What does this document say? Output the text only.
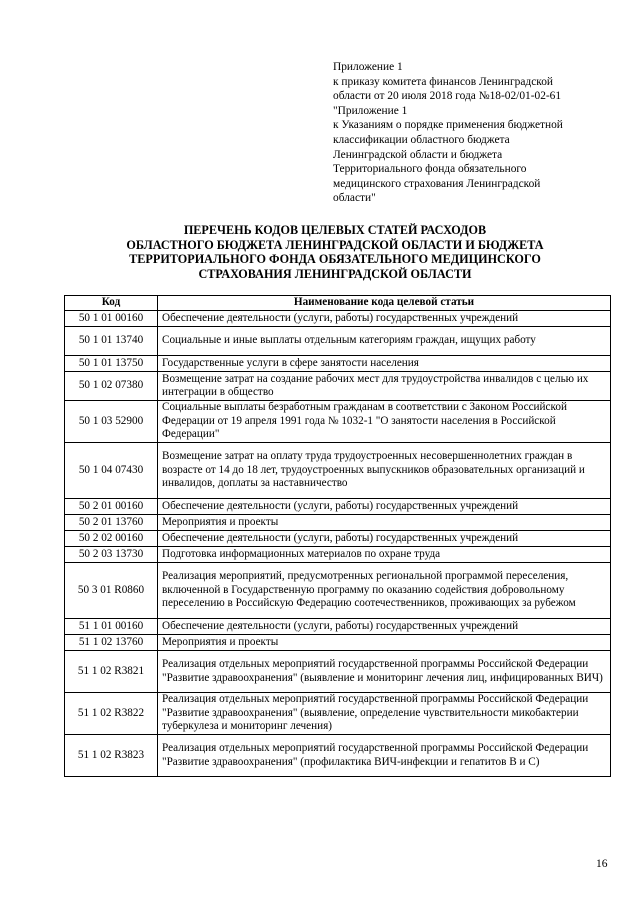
Приложение 1
к приказу комитета финансов Ленинградской
области от 20 июля 2018 года №18-02/01-02-61
"Приложение 1
к Указаниям о порядке применения бюджетной
классификации областного бюджета
Ленинградской области и бюджета
Территориального фонда обязательного
медицинского страхования Ленинградской
области"
ПЕРЕЧЕНЬ КОДОВ ЦЕЛЕВЫХ СТАТЕЙ РАСХОДОВ
ОБЛАСТНОГО БЮДЖЕТА ЛЕНИНГРАДСКОЙ ОБЛАСТИ И БЮДЖЕТА
ТЕРРИТОРИАЛЬНОГО ФОНДА ОБЯЗАТЕЛЬНОГО МЕДИЦИНСКОГО
СТРАХОВАНИЯ ЛЕНИНГРАДСКОЙ ОБЛАСТИ
Код	Наименование кода целевой статьи
50 1 01 00160	Обеспечение деятельности (услуги, работы) государственных учреждений
50 1 01 13740	Социальные и иные выплаты отдельным категориям граждан, ищущих работу
50 1 01 13750	Государственные услуги в сфере занятости населения
50 1 02 07380	Возмещение затрат на создание рабочих мест для трудоустройства инвалидов с целью их интеграции в общество
50 1 03 52900	Социальные выплаты безработным гражданам в соответствии с Законом Российской Федерации от 19 апреля 1991 года № 1032-1 "О занятости населения в Российской Федерации"
50 1 04 07430	Возмещение затрат на оплату труда трудоустроенных несовершеннолетних граждан в возрасте от 14 до 18 лет, трудоустроенных выпускников образовательных организаций и инвалидов, доплаты за наставничество
50 2 01 00160	Обеспечение деятельности (услуги, работы) государственных учреждений
50 2 01 13760	Мероприятия и проекты
50 2 02 00160	Обеспечение деятельности (услуги, работы) государственных учреждений
50 2 03 13730	Подготовка информационных материалов по охране труда
50 3 01 R0860	Реализация мероприятий, предусмотренных региональной программой переселения, включенной в Государственную программу по оказанию содействия добровольному переселению в Российскую Федерацию соотечественников, проживающих за рубежом
51 1 01 00160	Обеспечение деятельности (услуги, работы) государственных учреждений
51 1 02 13760	Мероприятия и проекты
51 1 02 R3821	Реализация отдельных мероприятий государственной программы Российской Федерации "Развитие здравоохранения" (выявление и мониторинг лечения лиц, инфицированных ВИЧ)
51 1 02 R3822	Реализация отдельных мероприятий государственной программы Российской Федерации "Развитие здравоохранения" (выявление, определение чувствительности микобактерии туберкулеза и мониторинг лечения)
51 1 02 R3823	Реализация отдельных мероприятий государственной программы Российской Федерации "Развитие здравоохранения" (профилактика ВИЧ-инфекции и гепатитов В и С)
16
